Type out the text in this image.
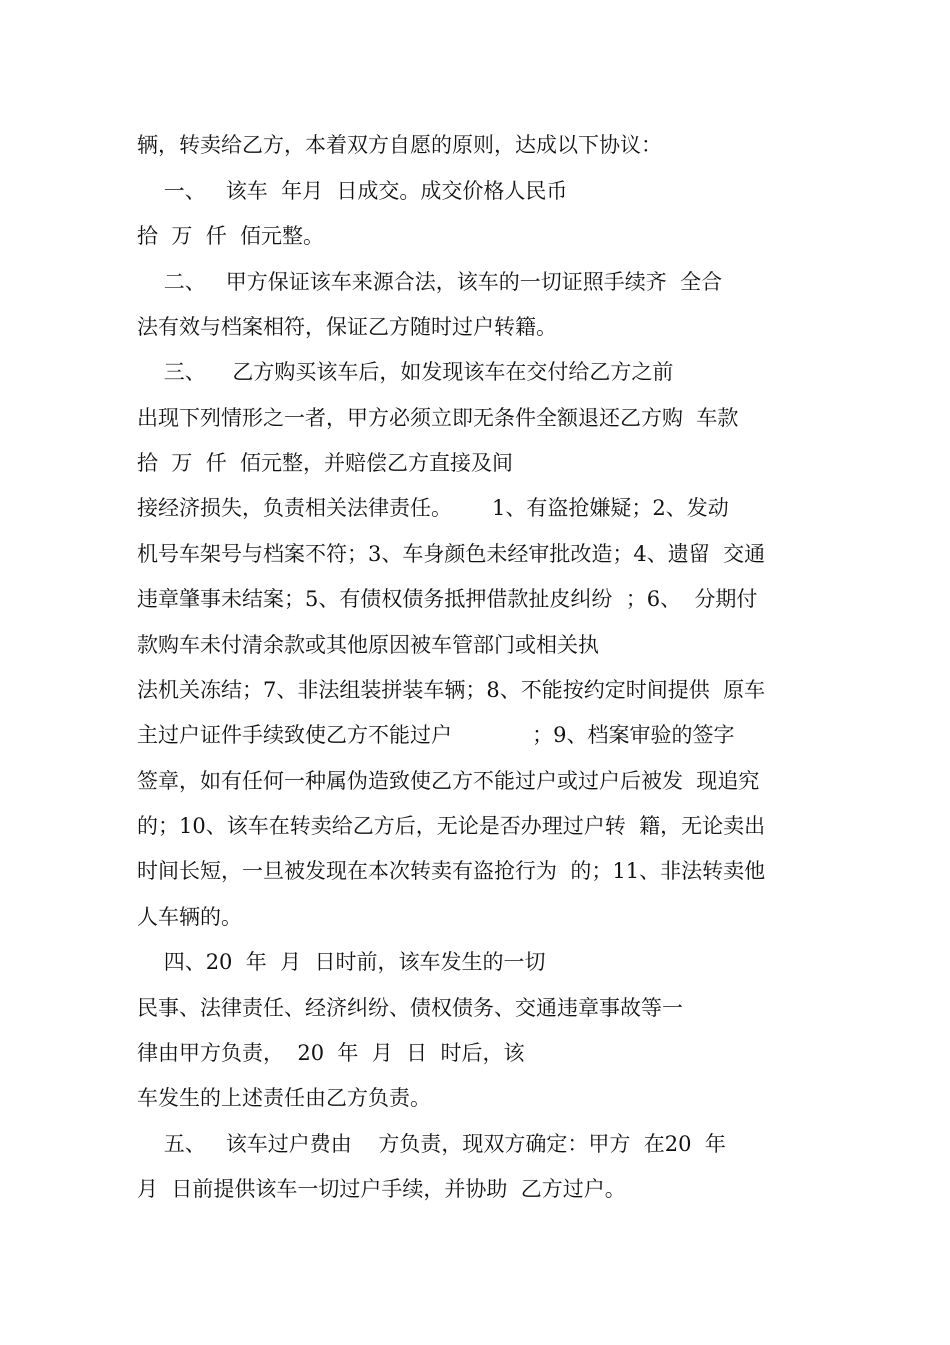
辆，转卖给乙方，本着双方自愿的原则，达成以下协议：

一、   该车  年月  日成交。成交价格人民币

拾  万  仟  佰元整。

二、   甲方保证该车来源合法，该车的一切证照手续齐  全合

法有效与档案相符，保证乙方随时过户转籍。

三、    乙方购买该车后，如发现该车在交付给乙方之前

出现下列情形之一者，甲方必须立即无条件全额退还乙方购  车款

拾  万  仟  佰元整，并赔偿乙方直接及间

接经济损失，负责相关法律责任。      1、有盗抢嫌疑；2、发动

机号车架号与档案不符；3、车身颜色未经审批改造；4、遗留  交通

违章肇事未结案；5、有债权债务抵押借款扯皮纠纷  ；6、  分期付

款购车未付清余款或其他原因被车管部门或相关执

法机关冻结；7、非法组装拼装车辆；8、不能按约定时间提供  原车

主过户证件手续致使乙方不能过户            ；9、档案审验的签字

签章，如有任何一种属伪造致使乙方不能过户或过户后被发  现追究

的；10、该车在转卖给乙方后，无论是否办理过户转  籍，无论卖出

时间长短，一旦被发现在本次转卖有盗抢行为  的；11、非法转卖他

人车辆的。

四、20  年  月  日时前，该车发生的一切

民事、法律责任、经济纠纷、债权债务、交通违章事故等一

律由甲方负责，  20  年  月  日  时后，该

车发生的上述责任由乙方负责。

五、   该车过户费由    方负责，现双方确定：甲方  在20  年

月  日前提供该车一切过户手续，并协助  乙方过户。
